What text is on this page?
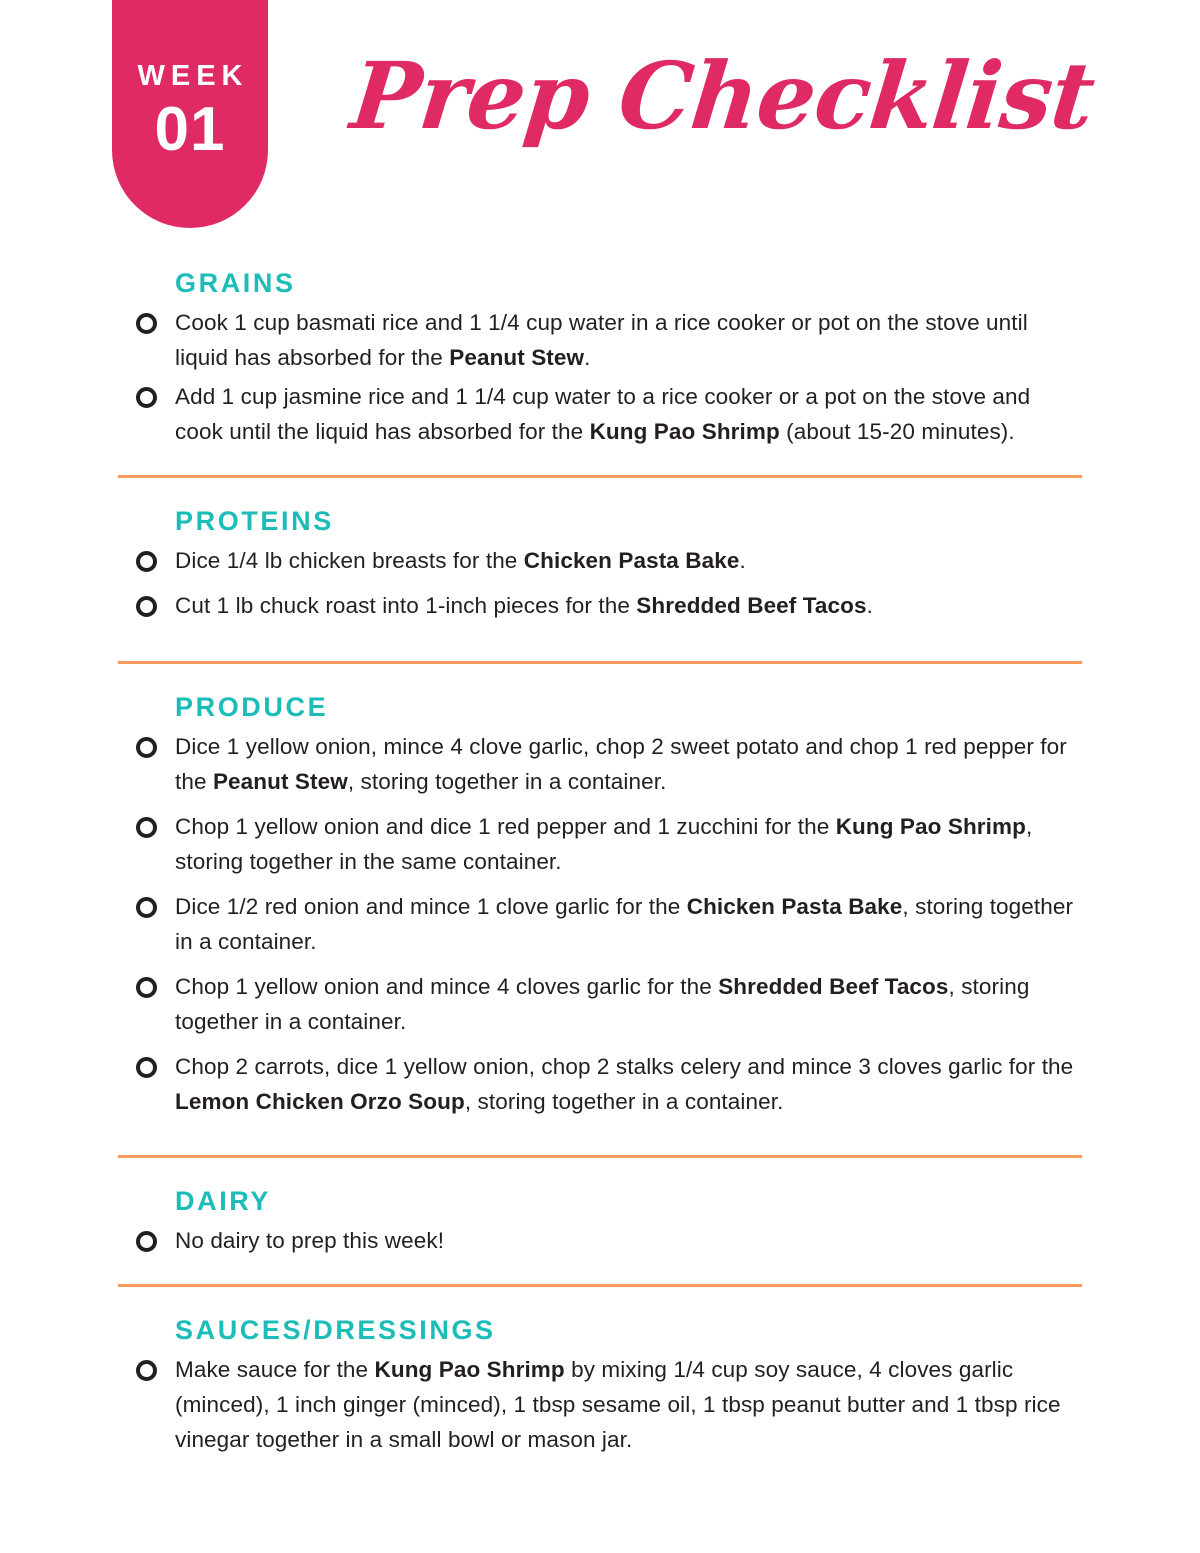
WEEK
01 Prep Checklist
GRAINS
Cook 1 cup basmati rice and 1 1/4 cup water in a rice cooker or pot on the stove until liquid has absorbed for the Peanut Stew.
Add 1 cup jasmine rice and 1 1/4 cup water to a rice cooker or a pot on the stove and cook until the liquid has absorbed for the Kung Pao Shrimp (about 15-20 minutes).
PROTEINS
Dice 1/4 lb chicken breasts for the Chicken Pasta Bake.
Cut 1 lb chuck roast into 1-inch pieces for the Shredded Beef Tacos.
PRODUCE
Dice 1 yellow onion, mince 4 clove garlic, chop 2 sweet potato and chop 1 red pepper for the Peanut Stew, storing together in a container.
Chop 1 yellow onion and dice 1 red pepper and 1 zucchini for the Kung Pao Shrimp, storing together in the same container.
Dice 1/2 red onion and mince 1 clove garlic for the Chicken Pasta Bake, storing together in a container.
Chop 1 yellow onion and mince 4 cloves garlic for the Shredded Beef Tacos, storing together in a container.
Chop 2 carrots, dice 1 yellow onion, chop 2 stalks celery and mince 3 cloves garlic for the Lemon Chicken Orzo Soup, storing together in a container.
DAIRY
No dairy to prep this week!
SAUCES/DRESSINGS
Make sauce for the Kung Pao Shrimp by mixing 1/4 cup soy sauce, 4 cloves garlic (minced), 1 inch ginger (minced), 1 tbsp sesame oil, 1 tbsp peanut butter and 1 tbsp rice vinegar together in a small bowl or mason jar.
